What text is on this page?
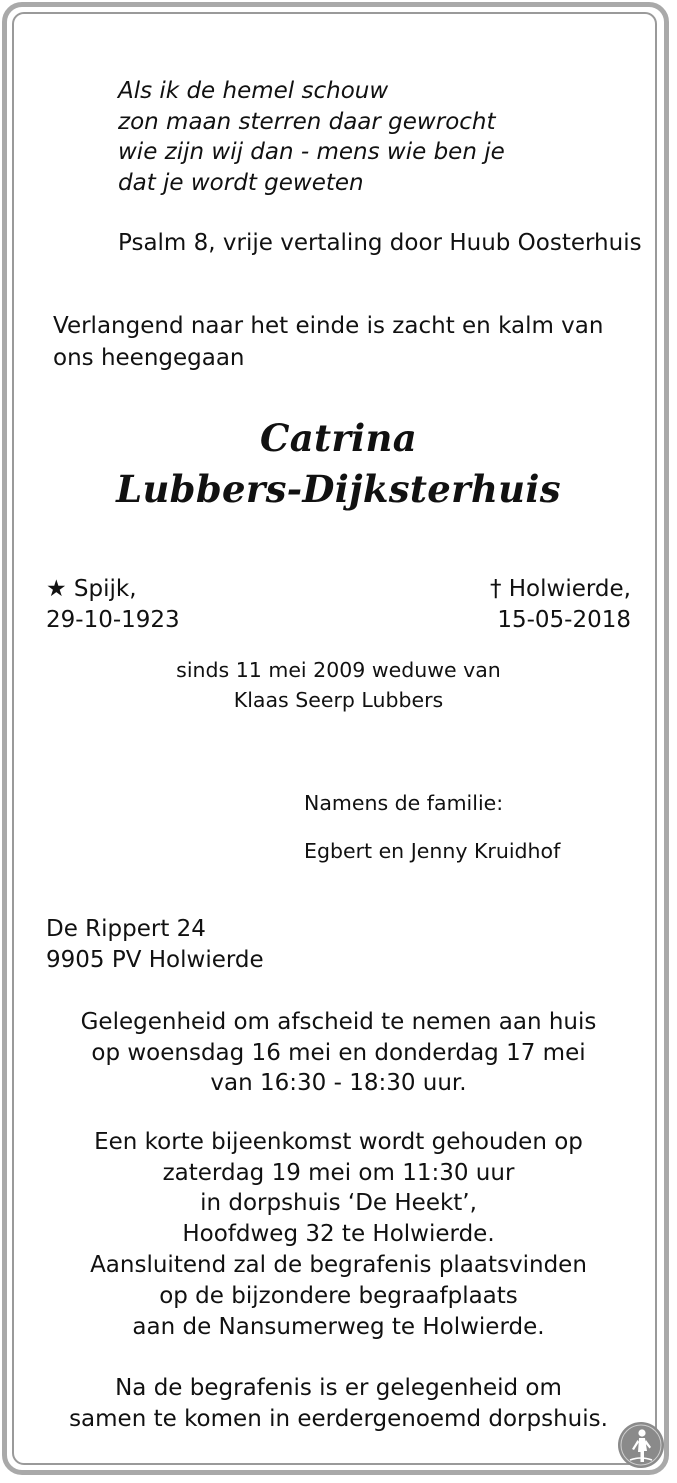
Als ik de hemel schouw
zon maan sterren daar gewrocht
wie zijn wij dan - mens wie ben je
dat je wordt geweten
Psalm 8, vrije vertaling door Huub Oosterhuis
Verlangend naar het einde is zacht en kalm van
ons heengegaan
Catrina
Lubbers-Dijksterhuis
★ Spijk,
29-10-1923
† Holwierde,
15-05-2018
sinds 11 mei 2009 weduwe van
Klaas Seerp Lubbers
Namens de familie:
Egbert en Jenny Kruidhof
De Rippert 24
9905 PV Holwierde
Gelegenheid om afscheid te nemen aan huis
op woensdag 16 mei en donderdag 17 mei
van 16:30 - 18:30 uur.
Een korte bijeenkomst wordt gehouden op
zaterdag 19 mei om 11:30 uur
in dorpshuis ‘De Heekt’,
Hoofdweg 32 te Holwierde.
Aansluitend zal de begrafenis plaatsvinden
op de bijzondere begraafplaats
aan de Nansumerweg te Holwierde.
Na de begrafenis is er gelegenheid om
samen te komen in eerdergenoemd dorpshuis.
